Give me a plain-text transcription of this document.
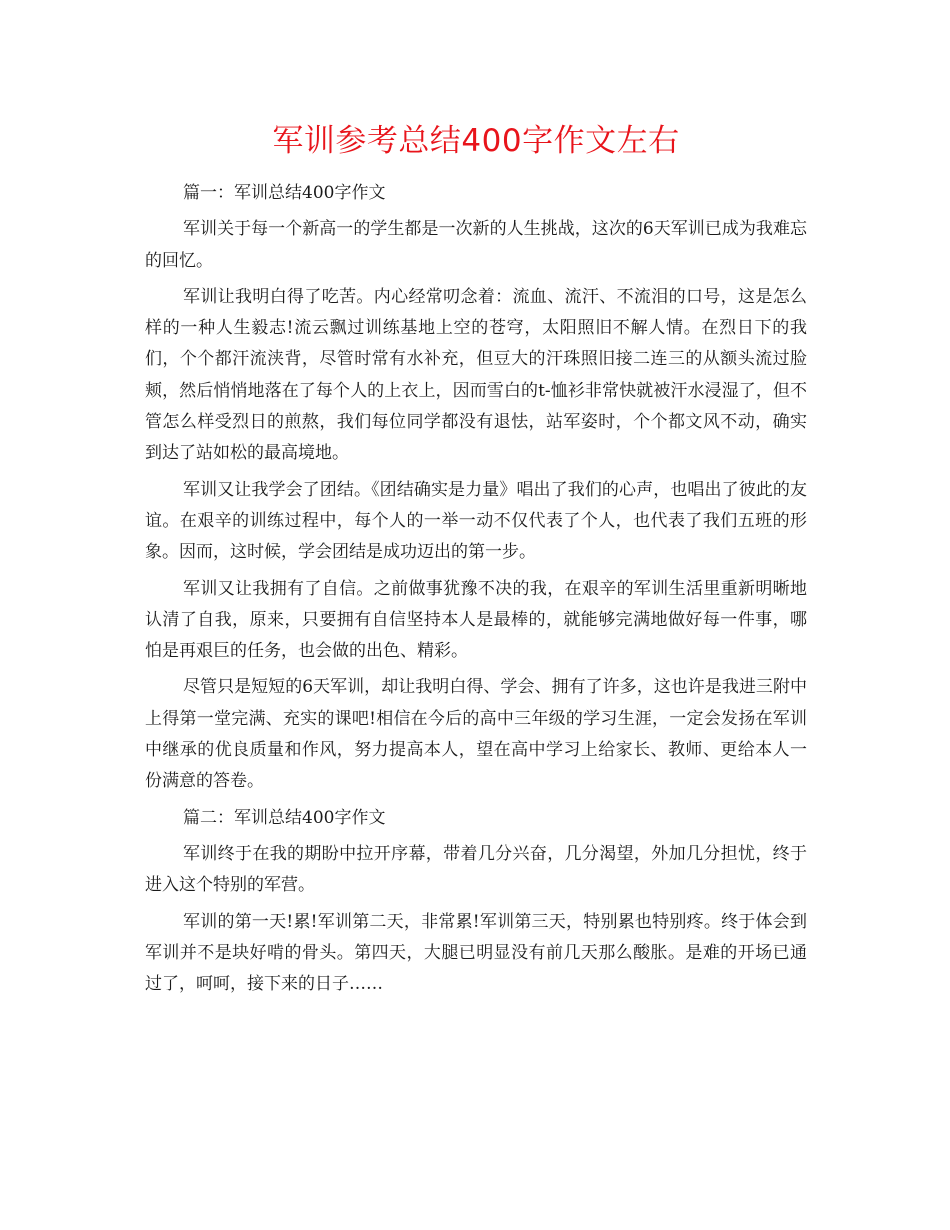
军训参考总结400字作文左右

篇一：军训总结400字作文

军训关于每一个新高一的学生都是一次新的人生挑战，这次的6天军训已成为我难忘的回忆。

军训让我明白得了吃苦。内心经常叨念着：流血、流汗、不流泪的口号，这是怎么样的一种人生毅志!流云飘过训练基地上空的苍穹，太阳照旧不解人情。在烈日下的我们，个个都汗流浃背，尽管时常有水补充，但豆大的汗珠照旧接二连三的从额头流过脸颊，然后悄悄地落在了每个人的上衣上，因而雪白的t-恤衫非常快就被汗水浸湿了，但不管怎么样受烈日的煎熬，我们每位同学都没有退怯，站军姿时，个个都文风不动，确实到达了站如松的最高境地。

军训又让我学会了团结。《团结确实是力量》唱出了我们的心声，也唱出了彼此的友谊。在艰辛的训练过程中，每个人的一举一动不仅代表了个人，也代表了我们五班的形象。因而，这时候，学会团结是成功迈出的第一步。

军训又让我拥有了自信。之前做事犹豫不决的我，在艰辛的军训生活里重新明晰地认清了自我，原来，只要拥有自信坚持本人是最棒的，就能够完满地做好每一件事，哪怕是再艰巨的任务，也会做的出色、精彩。

尽管只是短短的6天军训，却让我明白得、学会、拥有了许多，这也许是我进三附中上得第一堂完满、充实的课吧!相信在今后的高中三年级的学习生涯，一定会发扬在军训中继承的优良质量和作风，努力提高本人，望在高中学习上给家长、教师、更给本人一份满意的答卷。

篇二：军训总结400字作文

军训终于在我的期盼中拉开序幕，带着几分兴奋，几分渴望，外加几分担忧，终于进入这个特别的军营。

军训的第一天!累!军训第二天，非常累!军训第三天，特别累也特别疼。终于体会到军训并不是块好啃的骨头。第四天，大腿已明显没有前几天那么酸胀。是难的开场已通过了，呵呵，接下来的日子……
